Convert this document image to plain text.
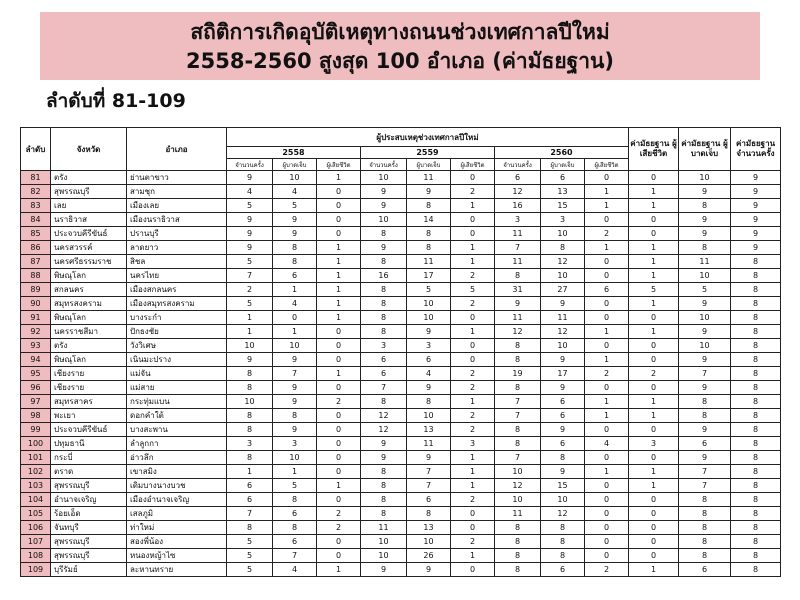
สถิติการเกิดอุบัติเหตุทางถนนช่วงเทศกาลปีใหม่
2558-2560 สูงสุด 100 อำเภอ (ค่ามัธยฐาน)
ลำดับที่ 81-109
ลำดับ	จังหวัด	อำเภอ	ผู้ประสบเหตุช่วงเทศกาลปีใหม่									ค่ามัธยฐาน ผู้เสียชีวิต	ค่ามัธยฐาน ผู้บาดเจ็บ	ค่ามัธยฐาน จำนวนครั้ง
			2558			2559			2560					
			จำนวนครั้ง	ผู้บาดเจ็บ	ผู้เสียชีวิต	จำนวนครั้ง	ผู้บาดเจ็บ	ผู้เสียชีวิต	จำนวนครั้ง	ผู้บาดเจ็บ	ผู้เสียชีวิต			
81	ตรัง	ย่านตาขาว	9	10	1	10	11	0	6	6	0	0	10	9
82	สุพรรณบุรี	สามชุก	4	4	0	9	9	2	12	13	1	1	9	9
83	เลย	เมืองเลย	5	5	0	9	8	1	16	15	1	1	8	9
84	นราธิวาส	เมืองนราธิวาส	9	9	0	10	14	0	3	3	0	0	9	9
85	ประจวบคีรีขันธ์	ปรานบุรี	9	9	0	8	8	0	11	10	2	0	9	9
86	นครสวรรค์	ลาดยาว	9	8	1	9	8	1	7	8	1	1	8	9
87	นครศรีธรรมราช	สิชล	5	8	1	8	11	1	11	12	0	1	11	8
88	พิษณุโลก	นครไทย	7	6	1	16	17	2	8	10	0	1	10	8
89	สกลนคร	เมืองสกลนคร	2	1	1	8	5	5	31	27	6	5	5	8
90	สมุทรสงคราม	เมืองสมุทรสงคราม	5	4	1	8	10	2	9	9	0	1	9	8
91	พิษณุโลก	บางระกำ	1	0	1	8	10	0	11	11	0	0	10	8
92	นครราชสีมา	ปักธงชัย	1	1	0	8	9	1	12	12	1	1	9	8
93	ตรัง	วังวิเศษ	10	10	0	3	3	0	8	10	0	0	10	8
94	พิษณุโลก	เนินมะปราง	9	9	0	6	6	0	8	9	1	0	9	8
95	เชียงราย	แม่จัน	8	7	1	6	4	2	19	17	2	2	7	8
96	เชียงราย	แม่สาย	8	9	0	7	9	2	8	9	0	0	9	8
97	สมุทรสาคร	กระทุ่มแบน	10	9	2	8	8	1	7	6	1	1	8	8
98	พะเยา	ดอกคำใต้	8	8	0	12	10	2	7	6	1	1	8	8
99	ประจวบคีรีขันธ์	บางสะพาน	8	9	0	12	13	2	8	9	0	0	9	8
100	ปทุมธานี	ลำลูกกา	3	3	0	9	11	3	8	6	4	3	6	8
101	กระบี่	อ่าวลึก	8	10	0	9	9	1	7	8	0	0	9	8
102	ตราด	เขาสมิง	1	1	0	8	7	1	10	9	1	1	7	8
103	สุพรรณบุรี	เดิมบางนางบวช	6	5	1	8	7	1	12	15	0	1	7	8
104	อำนาจเจริญ	เมืองอำนาจเจริญ	6	8	0	8	6	2	10	10	0	0	8	8
105	ร้อยเอ็ด	เสลภูมิ	7	6	2	8	8	0	11	12	0	0	8	8
106	จันทบุรี	ท่าใหม่	8	8	2	11	13	0	8	8	0	0	8	8
107	สุพรรณบุรี	สองพี่น้อง	5	6	0	10	10	2	8	8	0	0	8	8
108	สุพรรณบุรี	หนองหญ้าไซ	5	7	0	10	26	1	8	8	0	0	8	8
109	บุรีรัมย์	ละหานทราย	5	4	1	9	9	0	8	6	2	1	6	8
